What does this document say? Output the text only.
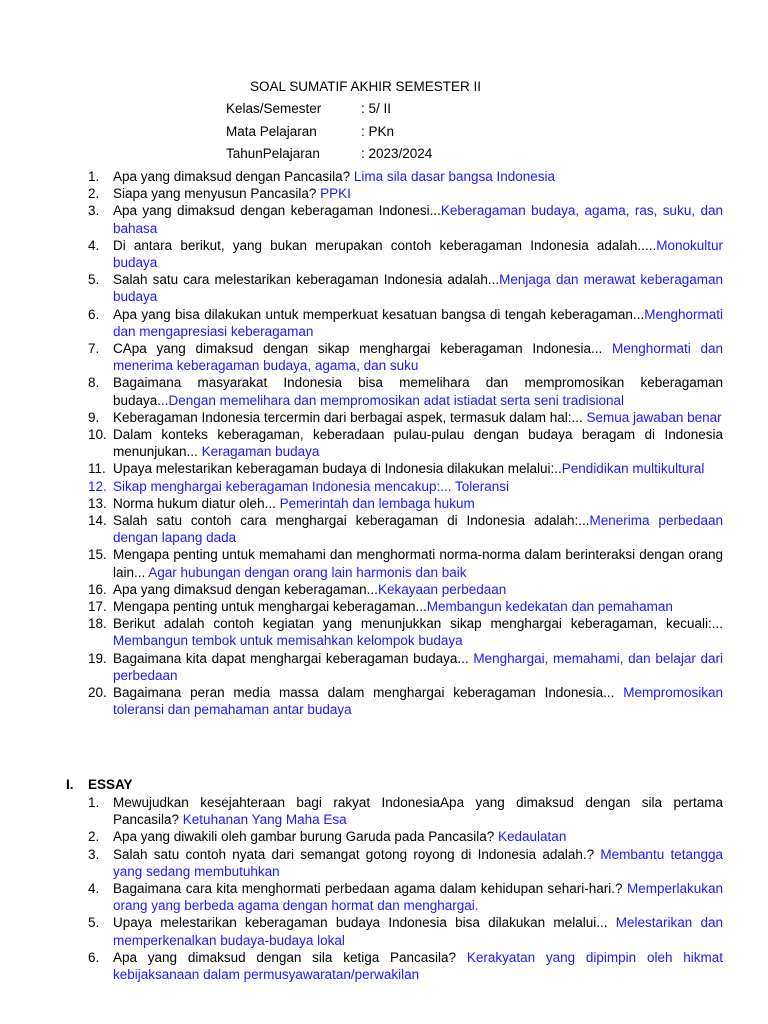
SOAL SUMATIF AKHIR SEMESTER II
Kelas/Semester	: 5/ II
Mata Pelajaran	: PKn
TahunPelajaran	: 2023/2024
1. Apa yang dimaksud dengan Pancasila? Lima sila dasar bangsa Indonesia
2. Siapa yang menyusun Pancasila? PPKI
3. Apa yang dimaksud dengan keberagaman Indonesi...Keberagaman budaya, agama, ras, suku, dan bahasa
4. Di antara berikut, yang bukan merupakan contoh keberagaman Indonesia adalah.....Monokultur budaya
5. Salah satu cara melestarikan keberagaman Indonesia adalah...Menjaga dan merawat keberagaman budaya
6. Apa yang bisa dilakukan untuk memperkuat kesatuan bangsa di tengah keberagaman...Menghormati dan mengapresiasi keberagaman
7. CApa yang dimaksud dengan sikap menghargai keberagaman Indonesia... Menghormati dan menerima keberagaman budaya, agama, dan suku
8. Bagaimana masyarakat Indonesia bisa memelihara dan mempromosikan keberagaman budaya...Dengan memelihara dan mempromosikan adat istiadat serta seni tradisional
9. Keberagaman Indonesia tercermin dari berbagai aspek, termasuk dalam hal:... Semua jawaban benar
10. Dalam konteks keberagaman, keberadaan pulau-pulau dengan budaya beragam di Indonesia menunjukan... Keragaman budaya
11. Upaya melestarikan keberagaman budaya di Indonesia dilakukan melalui:..Pendidikan multikultural
12. Sikap menghargai keberagaman Indonesia mencakup:... Toleransi
13. Norma hukum diatur oleh... Pemerintah dan lembaga hukum
14. Salah satu contoh cara menghargai keberagaman di Indonesia adalah:...Menerima perbedaan dengan lapang dada
15. Mengapa penting untuk memahami dan menghormati norma-norma dalam berinteraksi dengan orang lain... Agar hubungan dengan orang lain harmonis dan baik
16. Apa yang dimaksud dengan keberagaman...Kekayaan perbedaan
17. Mengapa penting untuk menghargai keberagaman...Membangun kedekatan dan pemahaman
18. Berikut adalah contoh kegiatan yang menunjukkan sikap menghargai keberagaman, kecuali:... Membangun tembok untuk memisahkan kelompok budaya
19. Bagaimana kita dapat menghargai keberagaman budaya... Menghargai, memahami, dan belajar dari perbedaan
20. Bagaimana peran media massa dalam menghargai keberagaman Indonesia... Mempromosikan toleransi dan pemahaman antar budaya
I. ESSAY
1. Mewujudkan kesejahteraan bagi rakyat IndonesiaApa yang dimaksud dengan sila pertama Pancasila? Ketuhanan Yang Maha Esa
2. Apa yang diwakili oleh gambar burung Garuda pada Pancasila? Kedaulatan
3. Salah satu contoh nyata dari semangat gotong royong di Indonesia adalah.? Membantu tetangga yang sedang membutuhkan
4. Bagaimana cara kita menghormati perbedaan agama dalam kehidupan sehari-hari.? Memperlakukan orang yang berbeda agama dengan hormat dan menghargai.
5. Upaya melestarikan keberagaman budaya Indonesia bisa dilakukan melalui... Melestarikan dan memperkenalkan budaya-budaya lokal
6. Apa yang dimaksud dengan sila ketiga Pancasila? Kerakyatan yang dipimpin oleh hikmat kebijaksanaan dalam permusyawaratan/perwakilan
